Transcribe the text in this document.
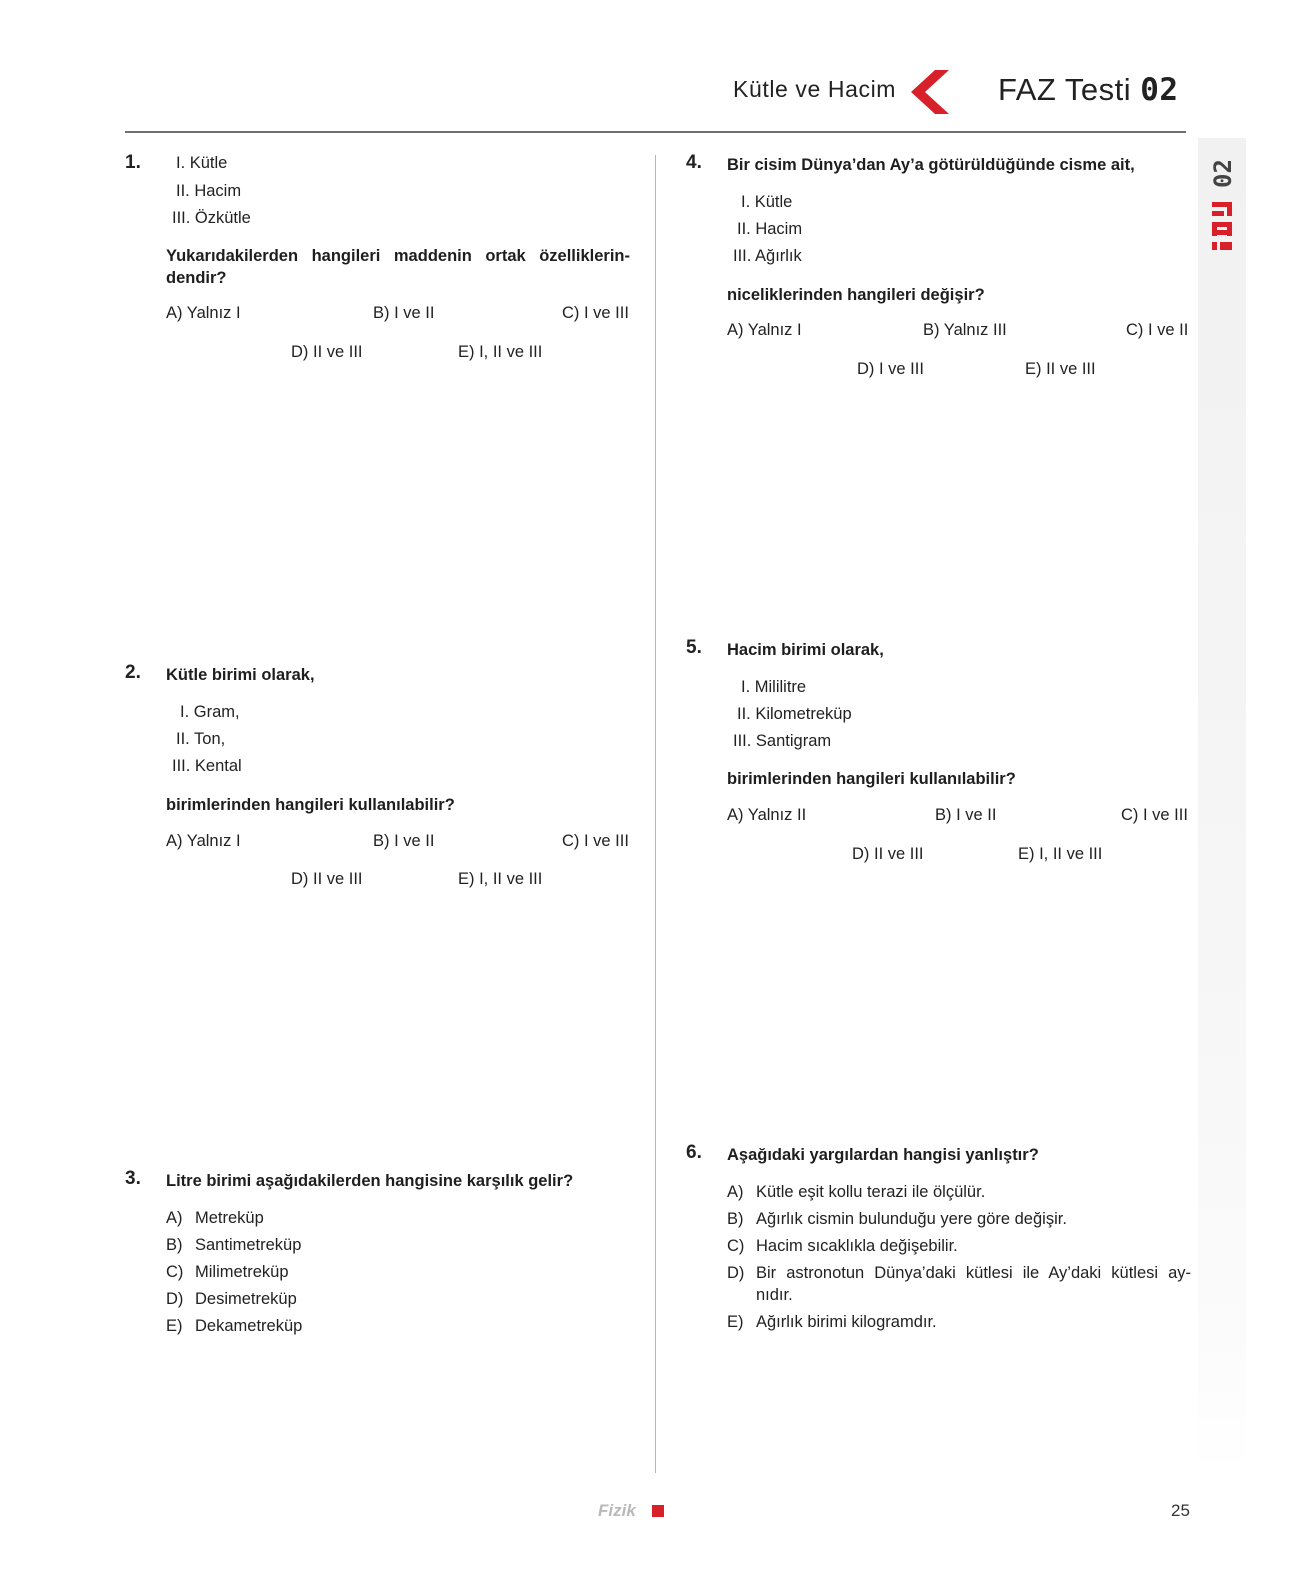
Kütle ve Hacim	FAZ Testi 02
02
1. I. Kütle
II. Hacim
III. Özkütle
Yukarıdakilerden hangileri maddenin ortak özelliklerin-
dendir?
A) Yalnız I	B) I ve II	C) I ve III
D) II ve III	E) I, II ve III
2. Kütle birimi olarak,
I. Gram,
II. Ton,
III. Kental
birimlerinden hangileri kullanılabilir?
A) Yalnız I	B) I ve II	C) I ve III
D) II ve III	E) I, II ve III
3. Litre birimi aşağıdakilerden hangisine karşılık gelir?
A) Metreküp
B) Santimetreküp
C) Milimetreküp
D) Desimetreküp
E) Dekametreküp
4. Bir cisim Dünya’dan Ay’a götürüldüğünde cisme ait,
I. Kütle
II. Hacim
III. Ağırlık
niceliklerinden hangileri değişir?
A) Yalnız I	B) Yalnız III	C) I ve II
D) I ve III	E) II ve III
5. Hacim birimi olarak,
I. Mililitre
II. Kilometreküp
III. Santigram
birimlerinden hangileri kullanılabilir?
A) Yalnız II	B) I ve II	C) I ve III
D) II ve III	E) I, II ve III
6. Aşağıdaki yargılardan hangisi yanlıştır?
A) Kütle eşit kollu terazi ile ölçülür.
B) Ağırlık cismin bulunduğu yere göre değişir.
C) Hacim sıcaklıkla değişebilir.
D) Bir astronotun Dünya’daki kütlesi ile Ay’daki kütlesi ay-
nıdır.
E) Ağırlık birimi kilogramdır.
Fizik	25
